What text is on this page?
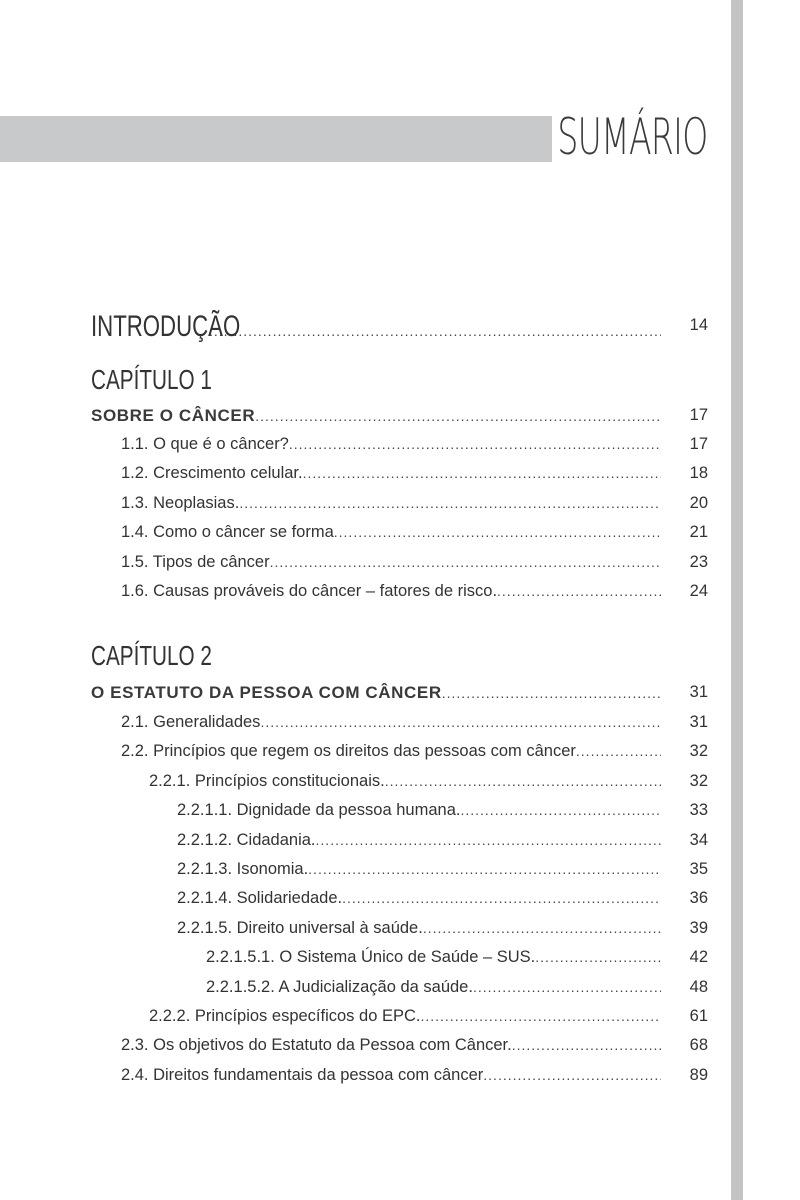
SUMÁRIO
INTRODUÇÃO .....	14
CAPÍTULO 1
SOBRE O CÂNCER .....	17
1.1. O que é o câncer? .....	17
1.2. Crescimento celular. .....	18
1.3. Neoplasias. .....	20
1.4. Como o câncer se forma .....	21
1.5. Tipos de câncer .....	23
1.6. Causas prováveis do câncer – fatores de risco. .....	24
CAPÍTULO 2
O ESTATUTO DA PESSOA COM CÂNCER .....	31
2.1. Generalidades .....	31
2.2. Princípios que regem os direitos das pessoas com câncer .....	32
2.2.1. Princípios constitucionais. .....	32
2.2.1.1. Dignidade da pessoa humana. .....	33
2.2.1.2. Cidadania. .....	34
2.2.1.3. Isonomia. .....	35
2.2.1.4. Solidariedade. .....	36
2.2.1.5. Direito universal à saúde. .....	39
2.2.1.5.1. O Sistema Único de Saúde – SUS. .....	42
2.2.1.5.2. A Judicialização da saúde. .....	48
2.2.2. Princípios específicos do EPC. .....	61
2.3. Os objetivos do Estatuto da Pessoa com Câncer. .....	68
2.4. Direitos fundamentais da pessoa com câncer .....	89
